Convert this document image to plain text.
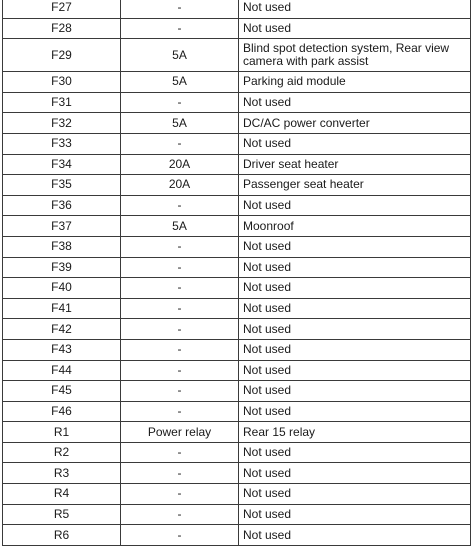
F27	-	Not used
F28	-	Not used
F29	5A	Blind spot detection system, Rear view camera with park assist
F30	5A	Parking aid module
F31	-	Not used
F32	5A	DC/AC power converter
F33	-	Not used
F34	20A	Driver seat heater
F35	20A	Passenger seat heater
F36	-	Not used
F37	5A	Moonroof
F38	-	Not used
F39	-	Not used
F40	-	Not used
F41	-	Not used
F42	-	Not used
F43	-	Not used
F44	-	Not used
F45	-	Not used
F46	-	Not used
R1	Power relay	Rear 15 relay
R2	-	Not used
R3	-	Not used
R4	-	Not used
R5	-	Not used
R6	-	Not used
